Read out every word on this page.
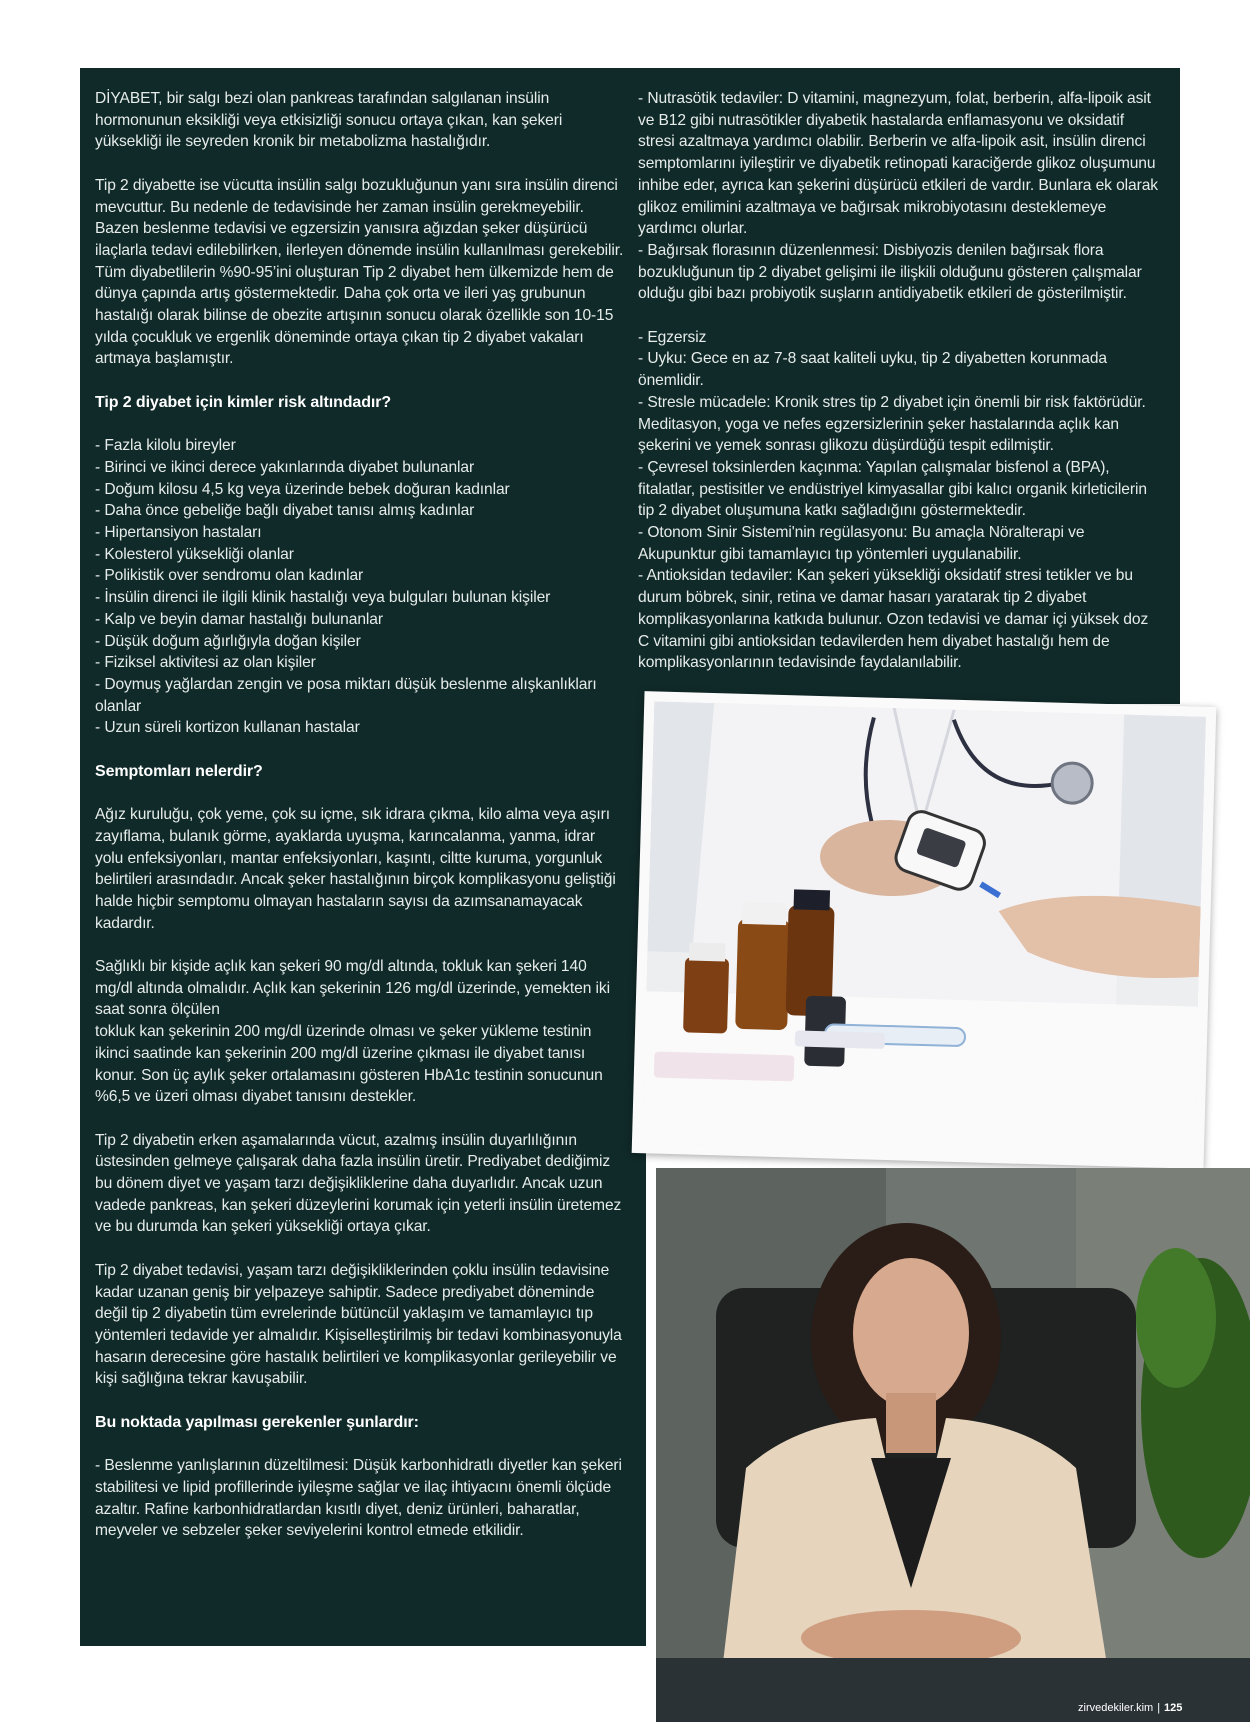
DİYABET, bir salgı bezi olan pankreas tarafından salgılanan insülin hormonunun eksikliği veya etkisizliği sonucu ortaya çıkan, kan şekeri yüksekliği ile seyreden kronik bir metabolizma hastalığıdır.

Tip 2 diyabette ise vücutta insülin salgı bozukluğunun yanı sıra insülin direnci mevcuttur. Bu nedenle de tedavisinde her zaman insülin gerekmeyebilir. Bazen beslenme tedavisi ve egzersizin yanısıra ağızdan şeker düşürücü ilaçlarla tedavi edilebilirken, ilerleyen dönemde insülin kullanılması gerekebilir. Tüm diyabetlilerin %90-95’ini oluşturan Tip 2 diyabet hem ülkemizde hem de dünya çapında artış göstermektedir. Daha çok orta ve ileri yaş grubunun hastalığı olarak bilinse de obezite artışının sonucu olarak özellikle son 10-15 yılda çocukluk ve ergenlik döneminde ortaya çıkan tip 2 diyabet vakaları artmaya başlamıştır.

Tip 2 diyabet için kimler risk altındadır?
- Fazla kilolu bireyler
- Birinci ve ikinci derece yakınlarında diyabet bulunanlar
- Doğum kilosu 4,5 kg veya üzerinde bebek doğuran kadınlar
- Daha önce gebeliğe bağlı diyabet tanısı almış kadınlar
- Hipertansiyon hastaları
- Kolesterol yüksekliği olanlar
- Polikistik over sendromu olan kadınlar
- İnsülin direnci ile ilgili klinik hastalığı veya bulguları bulunan kişiler
- Kalp ve beyin damar hastalığı bulunanlar
- Düşük doğum ağırlığıyla doğan kişiler
- Fiziksel aktivitesi az olan kişiler
- Doymuş yağlardan zengin ve posa miktarı düşük beslenme alışkanlıkları olanlar
- Uzun süreli kortizon kullanan hastalar
Semptomları nelerdir?

Ağız kuruluğu, çok yeme, çok su içme, sık idrara çıkma, kilo alma veya aşırı zayıflama, bulanık görme, ayaklarda uyuşma, karıncalanma, yanma, idrar yolu enfeksiyonları, mantar enfeksiyonları, kaşıntı, ciltte kuruma, yorgunluk belirtileri arasındadır. Ancak şeker hastalığının birçok komplikasyonu geliştiği halde hiçbir semptomu olmayan hastaların sayısı da azımsanamayacak kadardır.

Sağlıklı bir kişide açlık kan şekeri 90 mg/dl altında, tokluk kan şekeri 140 mg/dl altında olmalıdır. Açlık kan şekerinin 126 mg/dl üzerinde, yemekten iki saat sonra ölçülen
tokluk kan şekerinin 200 mg/dl üzerinde olması ve şeker yükleme testinin ikinci saatinde kan şekerinin 200 mg/dl üzerine çıkması ile diyabet tanısı konur. Son üç aylık şeker ortalamasını gösteren HbA1c testinin sonucunun %6,5 ve üzeri olması diyabet tanısını destekler.

Tip 2 diyabetin erken aşamalarında vücut, azalmış insülin duyarlılığının üstesinden gelmeye çalışarak daha fazla insülin üretir. Prediyabet dediğimiz bu dönem diyet ve yaşam tarzı değişikliklerine daha duyarlıdır. Ancak uzun vadede pankreas, kan şekeri düzeylerini korumak için yeterli insülin üretemez ve bu durumda kan şekeri yüksekliği ortaya çıkar.

Tip 2 diyabet tedavisi, yaşam tarzı değişikliklerinden çoklu insülin tedavisine kadar uzanan geniş bir yelpazeye sahiptir. Sadece prediyabet döneminde değil tip 2 diyabetin tüm evrelerinde bütüncül yaklaşım ve tamamlayıcı tıp yöntemleri tedavide yer almalıdır. Kişiselleştirilmiş bir tedavi kombinasyonuyla hasarın derecesine göre hastalık belirtileri ve komplikasyonlar gerileyebilir ve kişi sağlığına tekrar kavuşabilir.

Bu noktada yapılması gerekenler şunlardır:

- Beslenme yanlışlarının düzeltilmesi: Düşük karbonhidratlı diyetler kan şekeri stabilitesi ve lipid profillerinde iyileşme sağlar ve ilaç ihtiyacını önemli ölçüde azaltır. Rafine karbonhidratlardan kısıtlı diyet, deniz ürünleri, baharatlar, meyveler ve sebzeler şeker seviyelerini kontrol etmede etkilidir.

- Nutrasötik tedaviler: D vitamini, magnezyum, folat, berberin, alfa-lipoik asit ve B12 gibi nutrasötikler diyabetik hastalarda enflamasyonu ve oksidatif stresi azaltmaya yardımcı olabilir. Berberin ve alfa-lipoik asit, insülin direnci semptomlarını iyileştirir ve diyabetik retinopati karaciğerde glikoz oluşumunu inhibe eder, ayrıca kan şekerini düşürücü etkileri de vardır. Bunlara ek olarak glikoz emilimini azaltmaya ve bağırsak mikrobiyotasını desteklemeye yardımcı olurlar.

- Bağırsak florasının düzenlenmesi: Disbiyozis denilen bağırsak flora bozukluğunun tip 2 diyabet gelişimi ile ilişkili olduğunu gösteren çalışmalar olduğu gibi bazı probiyotik suşların antidiyabetik etkileri de gösterilmiştir.

- Egzersiz

- Uyku: Gece en az 7-8 saat kaliteli uyku, tip 2 diyabetten korunmada önemlidir.

- Stresle mücadele: Kronik stres tip 2 diyabet için önemli bir risk faktörüdür. Meditasyon, yoga ve nefes egzersizlerinin şeker hastalarında açlık kan şekerini ve yemek sonrası glikozu düşürdüğü tespit edilmiştir.

- Çevresel toksinlerden kaçınma: Yapılan çalışmalar bisfenol a (BPA), fitalatlar, pestisitler ve endüstriyel kimyasallar gibi kalıcı organik kirleticilerin tip 2 diyabet oluşumuna katkı sağladığını göstermektedir.

- Otonom Sinir Sistemi'nin regülasyonu: Bu amaçla Nöralterapi ve Akupunktur gibi tamamlayıcı tıp yöntemleri uygulanabilir.

- Antioksidan tedaviler: Kan şekeri yüksekliği oksidatif stresi tetikler ve bu durum böbrek, sinir, retina ve damar hasarı yaratarak tip 2 diyabet komplikasyonlarına katkıda bulunur. Ozon tedavisi ve damar içi yüksek doz C vitamini gibi antioksidan tedavilerden hem diyabet hastalığı hem de komplikasyonlarının tedavisinde faydalanılabilir.

zirvedekiler.kim | 125
